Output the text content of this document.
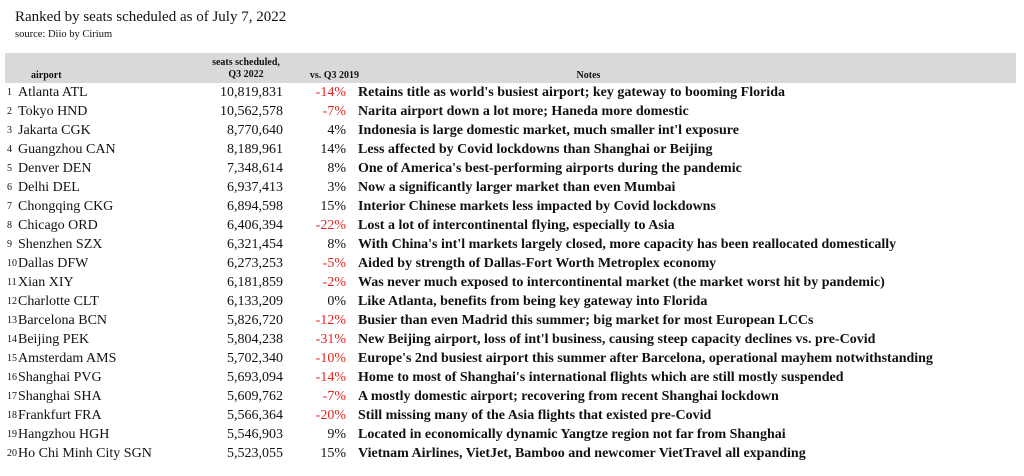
Ranked by seats scheduled as of July 7, 2022
source: Diio by Cirium
airport
seats scheduled,
Q3 2022	vs. Q3 2019	Notes
1 Atlanta ATL	10,819,831	-14% Retains title as world's busiest airport; key gateway to booming Florida
2 Tokyo HND	10,562,578	-7% Narita airport down a lot more; Haneda more domestic
3 Jakarta CGK	8,770,640	4% Indonesia is large domestic market, much smaller int'l exposure
4 Guangzhou CAN	8,189,961	14% Less affected by Covid lockdowns than Shanghai or Beijing
5 Denver DEN	7,348,614	8% One of America's best-performing airports during the pandemic
6 Delhi DEL	6,937,413	3% Now a significantly larger market than even Mumbai
7 Chongqing CKG	6,894,598	15% Interior Chinese markets less impacted by Covid lockdowns
8 Chicago ORD	6,406,394	-22% Lost a lot of intercontinental flying, especially to Asia
9 Shenzhen SZX	6,321,454	8% With China's int'l markets largely closed, more capacity has been reallocated domestically
10 Dallas DFW	6,273,253	-5% Aided by strength of Dallas-Fort Worth Metroplex economy
11 Xian XIY	6,181,859	-2% Was never much exposed to intercontinental market (the market worst hit by pandemic)
12 Charlotte CLT	6,133,209	0% Like Atlanta, benefits from being key gateway into Florida
13 Barcelona BCN	5,826,720	-12% Busier than even Madrid this summer; big market for most European LCCs
14 Beijing PEK	5,804,238	-31% New Beijing airport, loss of int'l business, causing steep capacity declines vs. pre-Covid
15 Amsterdam AMS	5,702,340	-10% Europe's 2nd busiest airport this summer after Barcelona, operational mayhem notwithstanding
16 Shanghai PVG	5,693,094	-14% Home to most of Shanghai's international flights which are still mostly suspended
17 Shanghai SHA	5,609,762	-7% A mostly domestic airport; recovering from recent Shanghai lockdown
18 Frankfurt FRA	5,566,364	-20% Still missing many of the Asia flights that existed pre-Covid
19 Hangzhou HGH	5,546,903	9% Located in economically dynamic Yangtze region not far from Shanghai
20 Ho Chi Minh City SGN	5,523,055	15% Vietnam Airlines, VietJet, Bamboo and newcomer VietTravel all expanding
